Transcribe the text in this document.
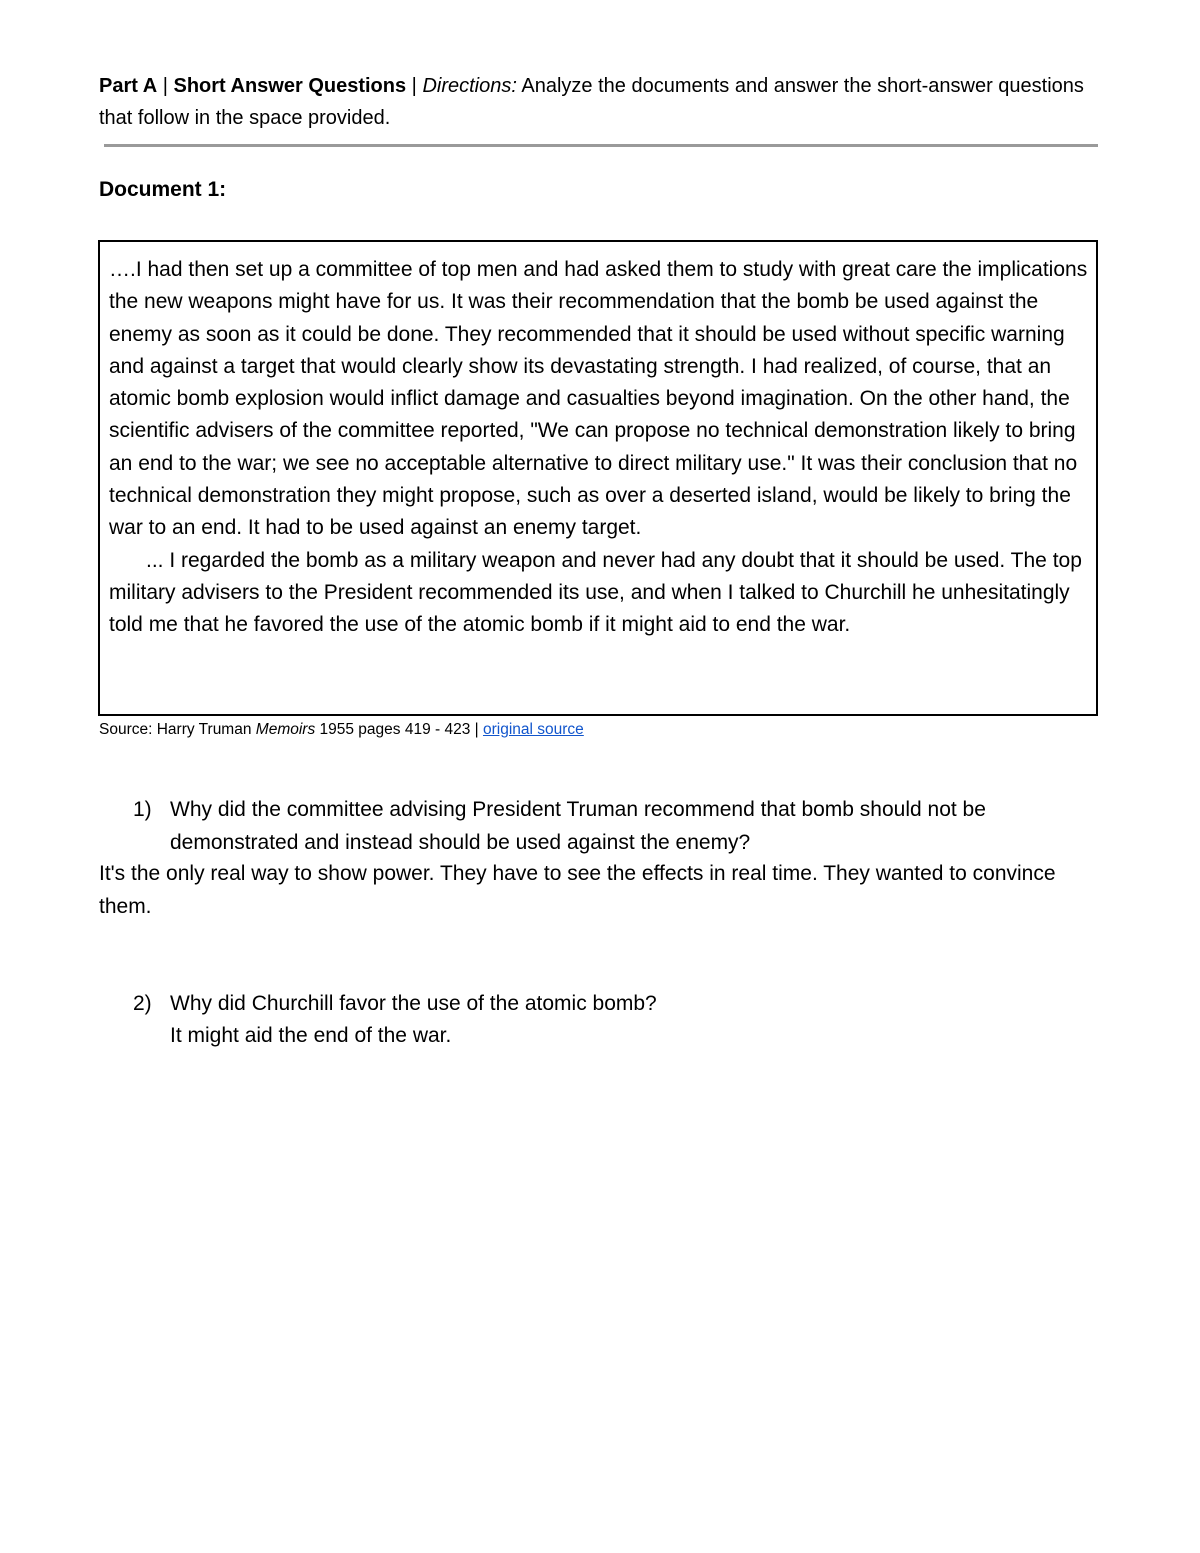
Part A | Short Answer Questions | Directions: Analyze the documents and answer the short-answer questions that follow in the space provided.
Document 1:

….I had then set up a committee of top men and had asked them to study with great care the implications the new weapons might have for us. It was their recommendation that the bomb be used against the enemy as soon as it could be done. They recommended that it should be used without specific warning and against a target that would clearly show its devastating strength. I had realized, of course, that an atomic bomb explosion would inflict damage and casualties beyond imagination. On the other hand, the scientific advisers of the committee reported, "We can propose no technical demonstration likely to bring an end to the war; we see no acceptable alternative to direct military use." It was their conclusion that no technical demonstration they might propose, such as over a deserted island, would be likely to bring the war to an end. It had to be used against an enemy target.

... I regarded the bomb as a military weapon and never had any doubt that it should be used. The top military advisers to the President recommended its use, and when I talked to Churchill he unhesitatingly told me that he favored the use of the atomic bomb if it might aid to end the war.

Source: Harry Truman Memoirs 1955 pages 419 - 423 | original source
1) Why did the committee advising President Truman recommend that bomb should not be demonstrated and instead should be used against the enemy?
It's the only real way to show power. They have to see the effects in real time. They wanted to convince them.
2) Why did Churchill favor the use of the atomic bomb?
It might aid the end of the war.
